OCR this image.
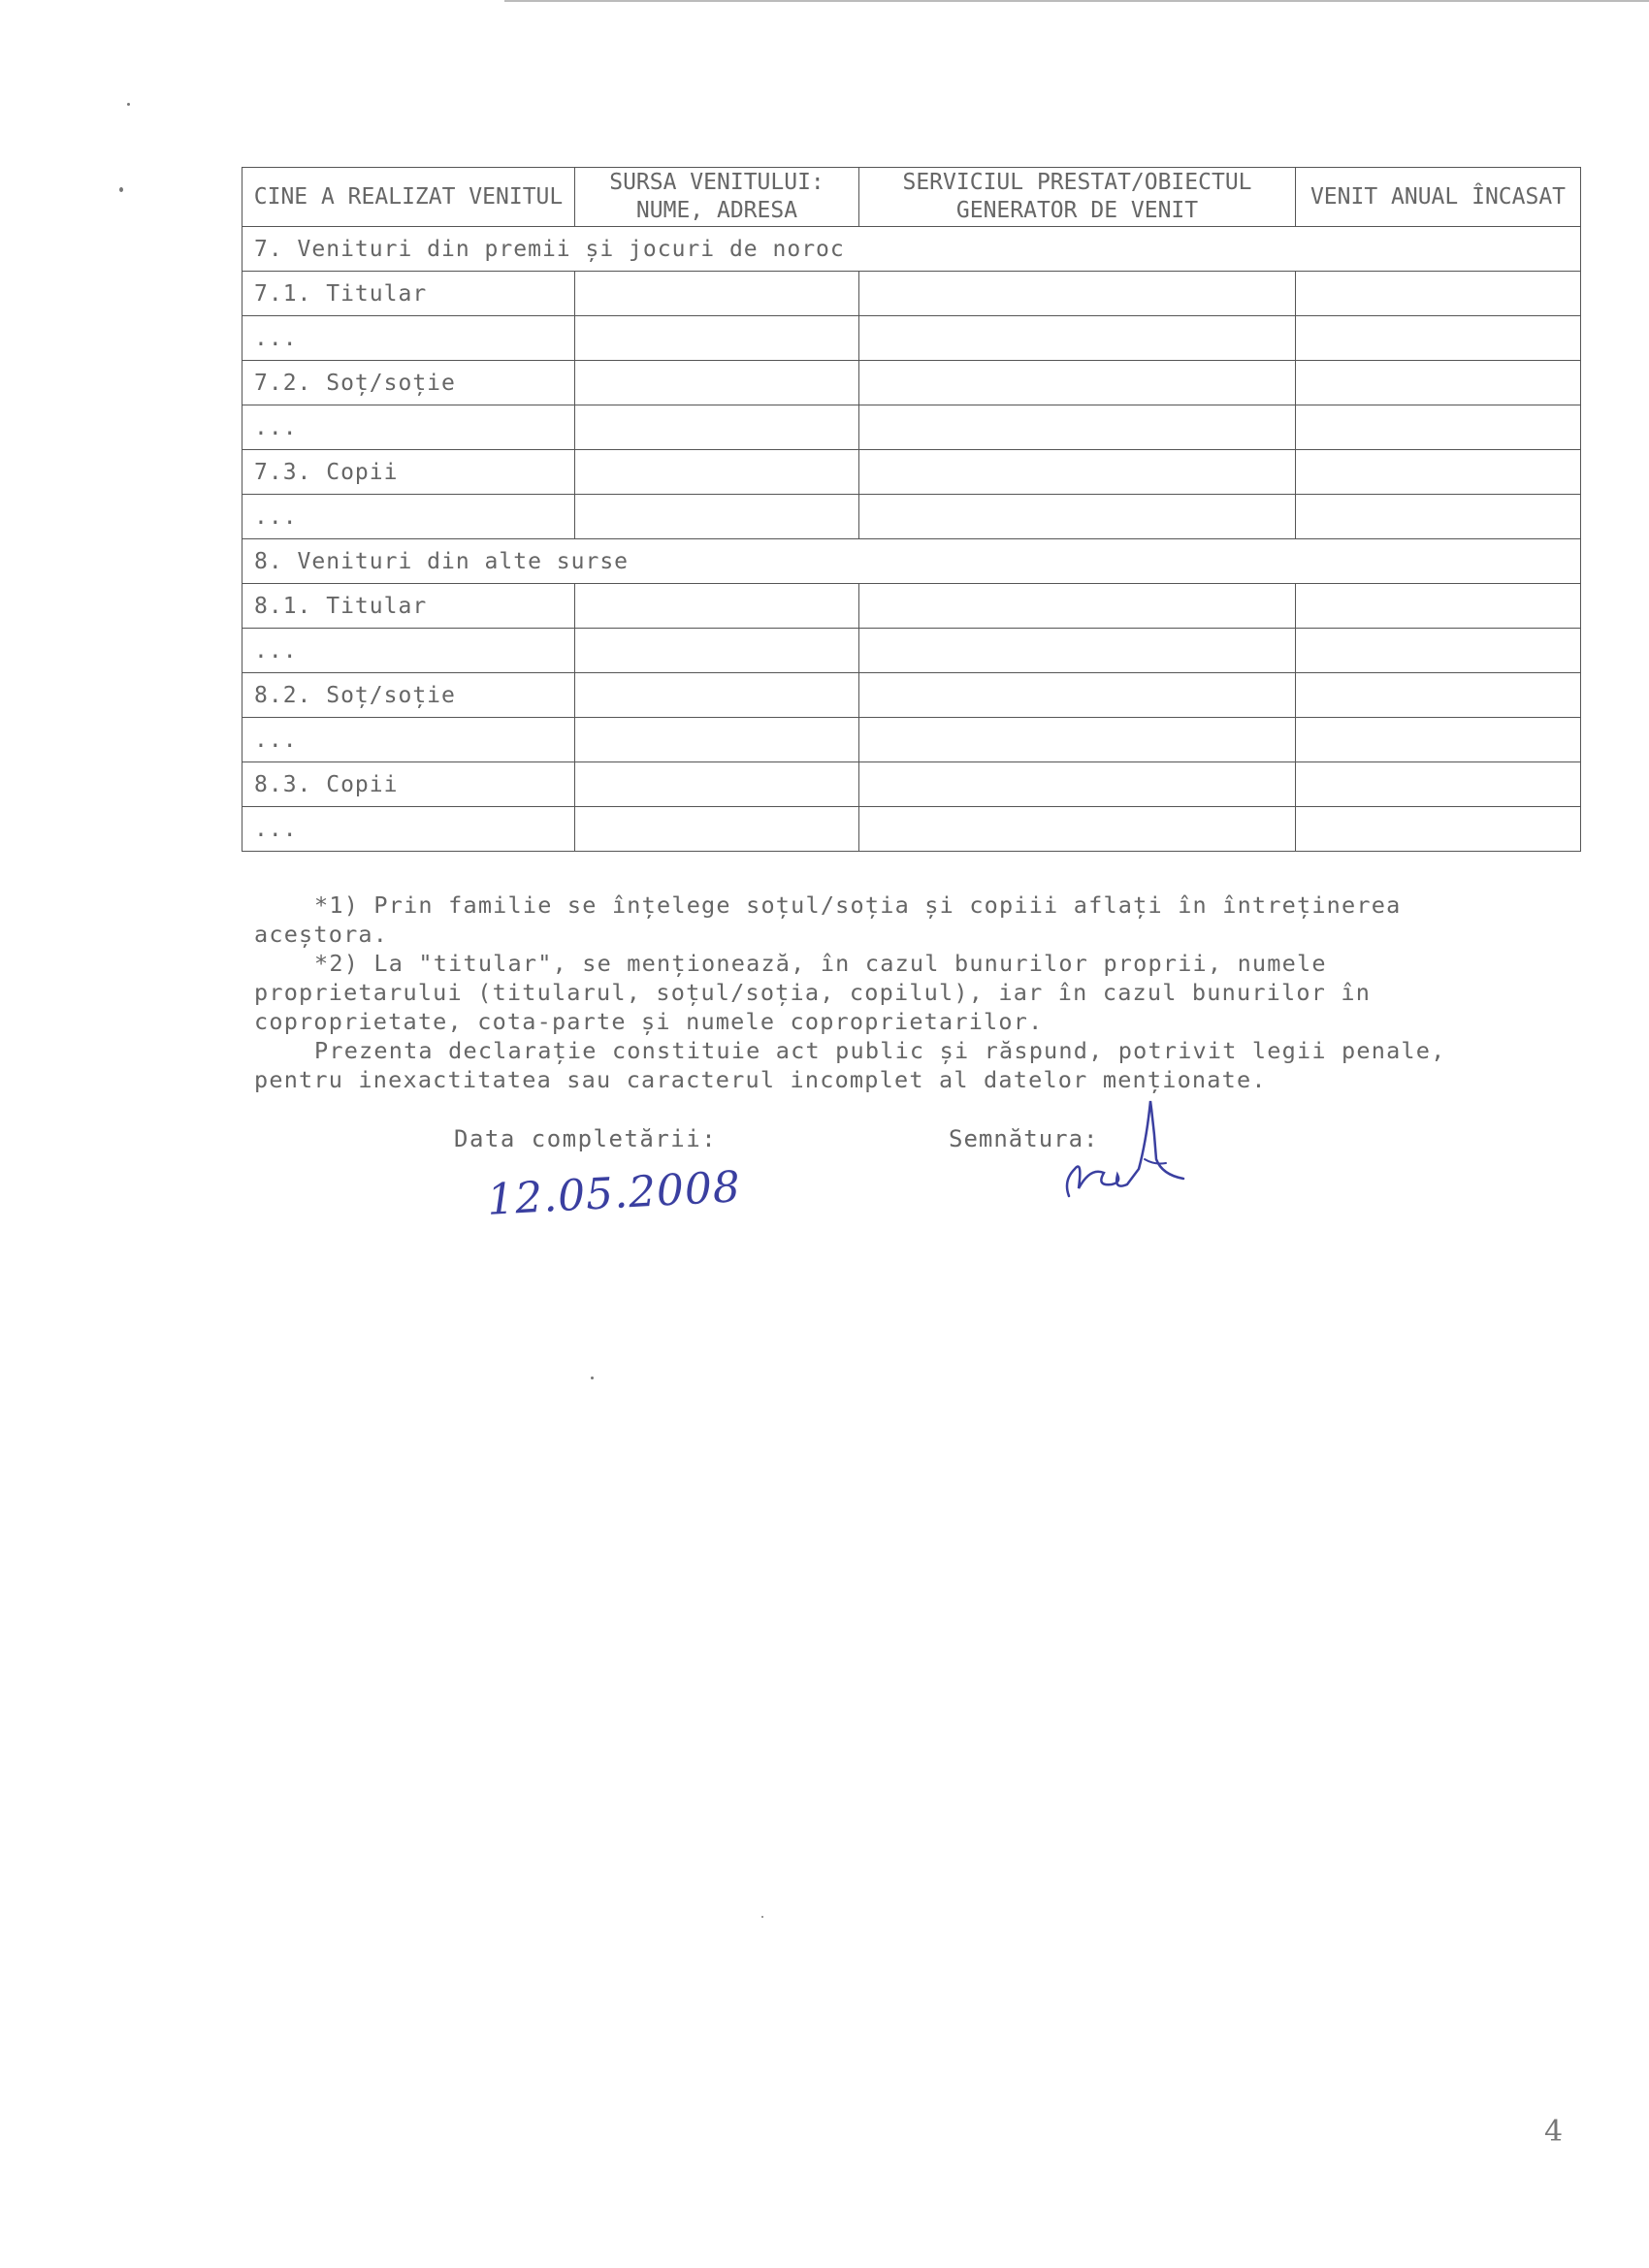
CINE A REALIZAT VENITUL	SURSA VENITULUI: NUME, ADRESA	SERVICIUL PRESTAT/OBIECTUL GENERATOR DE VENIT	VENIT ANUAL ÎNCASAT
7. Venituri din premii și jocuri de noroc			
7.1. Titular			
...			
7.2. Soț/soție			
...			
7.3. Copii			
...			
8. Venituri din alte surse			
8.1. Titular			
...			
8.2. Soț/soție			
...			
8.3. Copii			
...			

*1) Prin familie se înțelege soțul/soția și copiii aflați în întreținerea aceștora.

*2) La "titular", se menționează, în cazul bunurilor proprii, numele proprietarului (titularul, soțul/soția, copilul), iar în cazul bunurilor în coproprietate, cota-parte și numele coproprietarilor.

Prezenta declarație constituie act public și răspund, potrivit legii penale, pentru inexactitatea sau caracterul incomplet al datelor menționate.

Data completării:
12.05.2008
Semnătura:
4
